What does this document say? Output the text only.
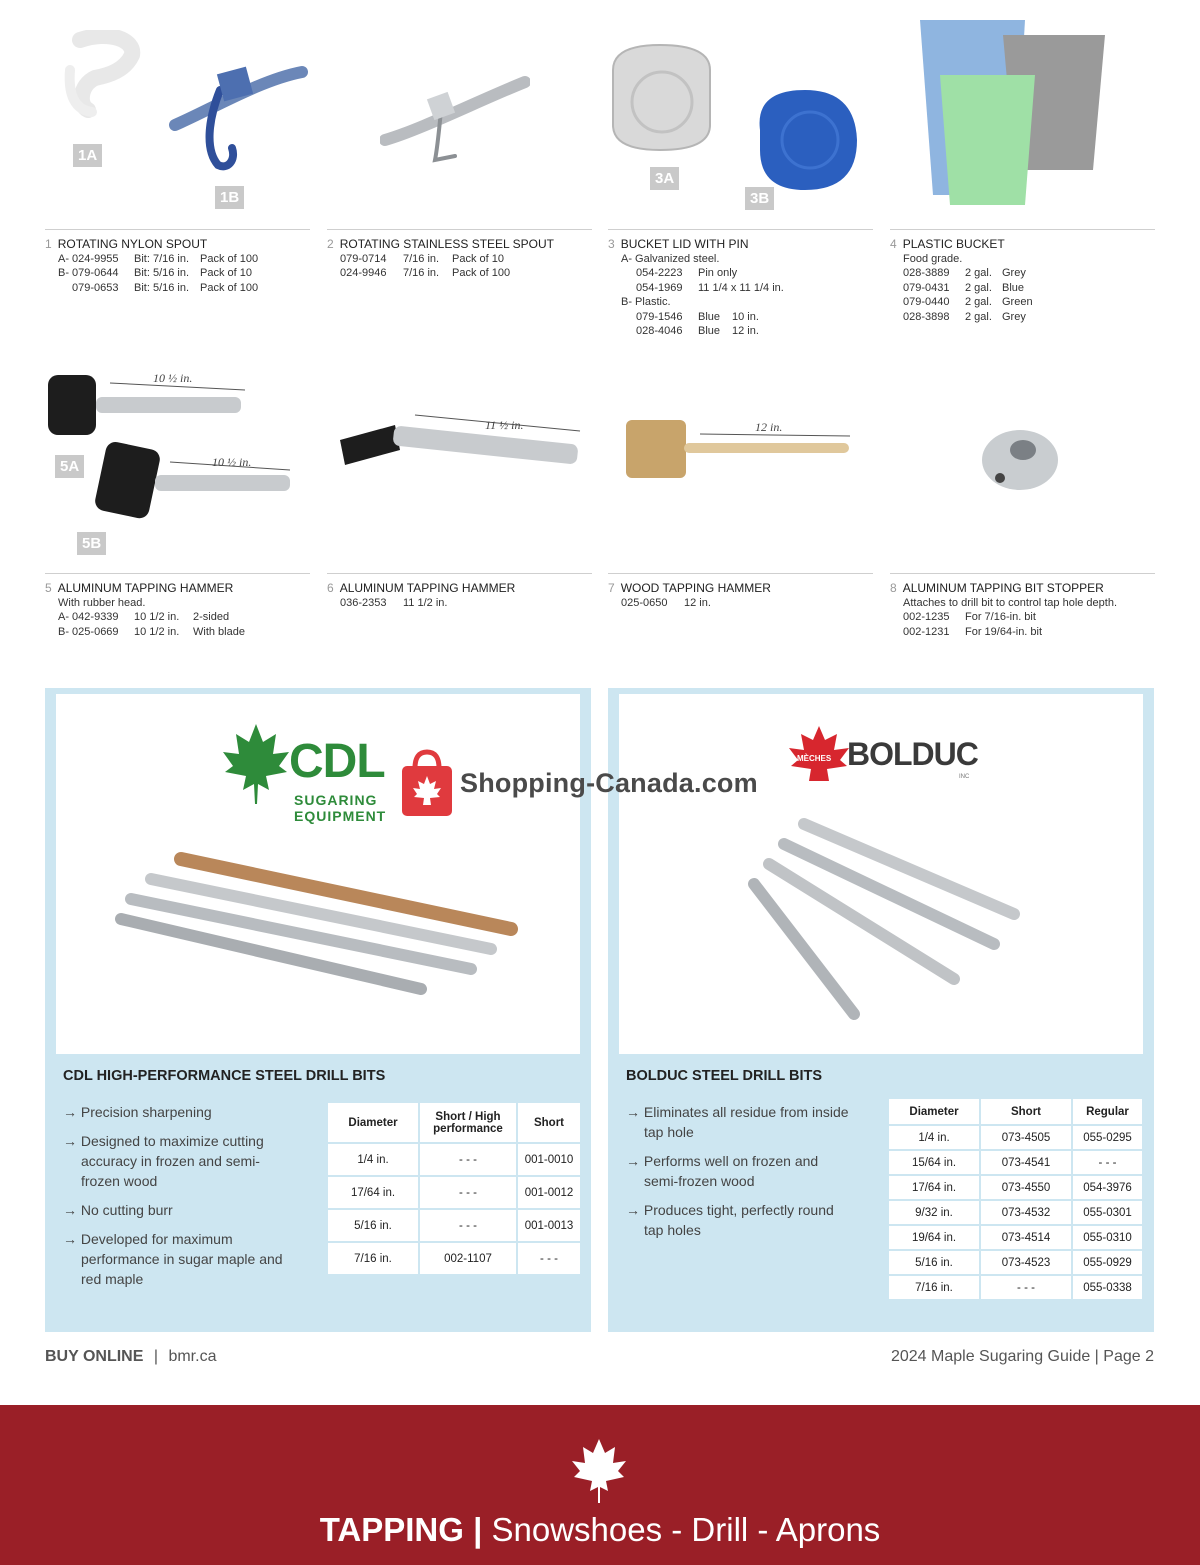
1A
1B
3A
3B
10 ½ in.
10 ½ in.
5A
5B
11 ½ in.	12 in.
1 ROTATING NYLON SPOUT
A- 024-9955 Bit: 7/16 in. Pack of 100
B- 079-0644 Bit: 5/16 in. Pack of 10
079-0653 Bit: 5/16 in. Pack of 100
2 ROTATING STAINLESS STEEL SPOUT
079-0714 7/16 in. Pack of 10
024-9946 7/16 in. Pack of 100
3 BUCKET LID WITH PIN
A- Galvanized steel.
054-2223 Pin only
054-1969 11 1/4 x 11 1/4 in.
B- Plastic.
079-1546 Blue 10 in.
028-4046 Blue 12 in.
4 PLASTIC BUCKET
Food grade.
028-3889 2 gal. Grey
079-0431 2 gal. Blue
079-0440 2 gal. Green
028-3898 2 gal. Grey
5 ALUMINUM TAPPING HAMMER
With rubber head.
A- 042-9339 10 1/2 in. 2-sided
B- 025-0669 10 1/2 in. With blade
6 ALUMINUM TAPPING HAMMER
036-2353 11 1/2 in.
7 WOOD TAPPING HAMMER
025-0650 12 in.
8 ALUMINUM TAPPING BIT STOPPER
Attaches to drill bit to control tap hole depth.
002-1235 For 7/16-in. bit
002-1231 For 19/64-in. bit
CDL
SUGARING
EQUIPMENT
CDL HIGH-PERFORMANCE STEEL DRILL BITS
→ Precision sharpening
→ Designed to maximize cutting accuracy in frozen and semi-frozen wood
→ No cutting burr
→ Developed for maximum performance in sugar maple and red maple
Diameter	Short / High performance	Short
1/4 in.	- - -	001-0010
17/64 in.	- - -	001-0012
5/16 in.	- - -	001-0013
7/16 in.	002-1107	- - -
MÈCHES BOLDUC
INC
BOLDUC STEEL DRILL BITS
→ Eliminates all residue from inside tap hole
→ Performs well on frozen and semi-frozen wood
→ Produces tight, perfectly round tap holes
Diameter	Short	Regular
1/4 in.	073-4505	055-0295
15/64 in.	073-4541	- - -
17/64 in.	073-4550	054-3976
9/32 in.	073-4532	055-0301
19/64 in.	073-4514	055-0310
5/16 in.	073-4523	055-0929
7/16 in.	- - -	055-0338
Shopping-Canada.com
BUY ONLINE | bmr.ca	2024 Maple Sugaring Guide | Page 2
TAPPING | Snowshoes - Drill - Aprons
